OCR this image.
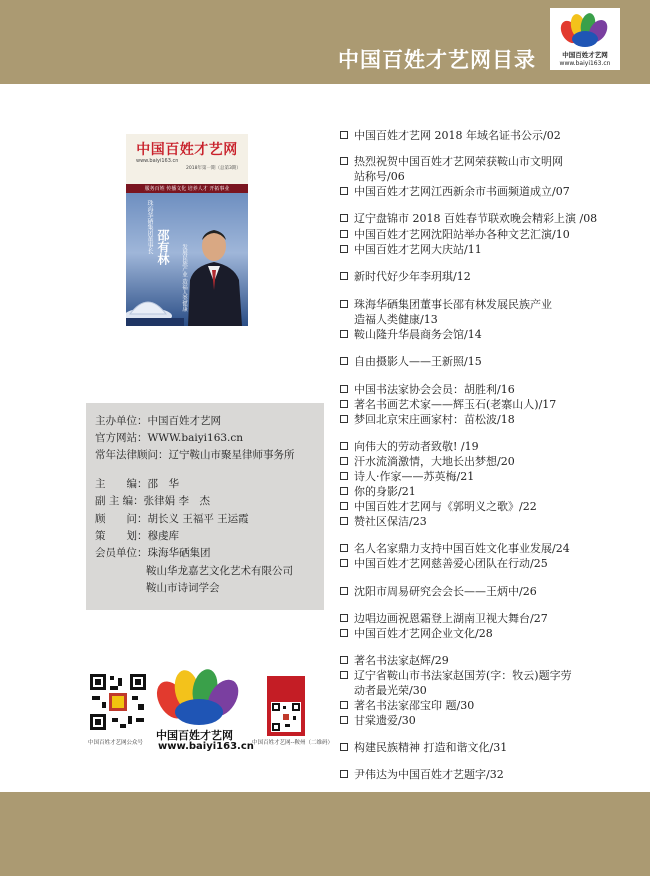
中国百姓才艺网目录	中国百姓才艺网
www.baiyi163.cn
中国百姓才艺网
www.baiyi163.cn
2018年第一期（总第3期）
服务百姓 传播文化 培养人才 开拓事业
珠海华硒集团董事长 邵有林	发展民族产业 造福人类健康
主办单位：中国百姓才艺网
官方网站：WWW.baiyi163.cn
常年法律顾问：辽宁鞍山市聚星律师事务所
主　　编：邵　华
副 主 编：张律娟 李　杰
顾　　问：胡长义 王福平 王运霞
策　　划：穆虔库
会员单位：珠海华硒集团
鞍山华龙嘉艺文化艺术有限公司
鞍山市诗词学会
中国百姓才艺网公众号
中国百姓才艺网
www.baiyi163.cn
中国百姓才艺网--鞍州（二维码）
中国百姓才艺网 2018 年域名证书公示/02
热烈祝贺中国百姓才艺网荣获鞍山市文明网
站称号/06
中国百姓才艺网江西新余市书画频道成立/07
辽宁盘锦市 2018 百姓春节联欢晚会精彩上演 /08
中国百姓才艺网沈阳站举办各种文艺汇演/10
中国百姓才艺网大庆站/11
新时代好少年李玥琪/12
珠海华硒集团董事长邵有林发展民族产业
造福人类健康/13
鞍山隆升华晨商务会馆/14
自由摄影人——王新照/15
中国书法家协会会员：胡胜利/16
著名书画艺术家——辉玉石(老寨山人)/17
梦回北京宋庄画家村：苗松波/18
向伟大的劳动者致敬! /19
汗水流淌激情，大地长出梦想/20
诗人·作家——苏英梅/21
你的身影/21
中国百姓才艺网与《郭明义之歌》/22
赞社区保洁/23
名人名家鼎力支持中国百姓文化事业发展/24
中国百姓才艺网慈善爱心团队在行动/25
沈阳市周易研究会会长——王炳中/26
边唱边画祝恩霜登上湖南卫视大舞台/27
中国百姓才艺网企业文化/28
著名书法家赵辉/29
辽宁省鞍山市书法家赵国芳(字：牧云)题字劳
动者最光荣/30
著名书法家邵宝印 题/30
甘棠遗爱/30
构建民族精神 打造和谐文化/31
尹伟达为中国百姓才艺题字/32
